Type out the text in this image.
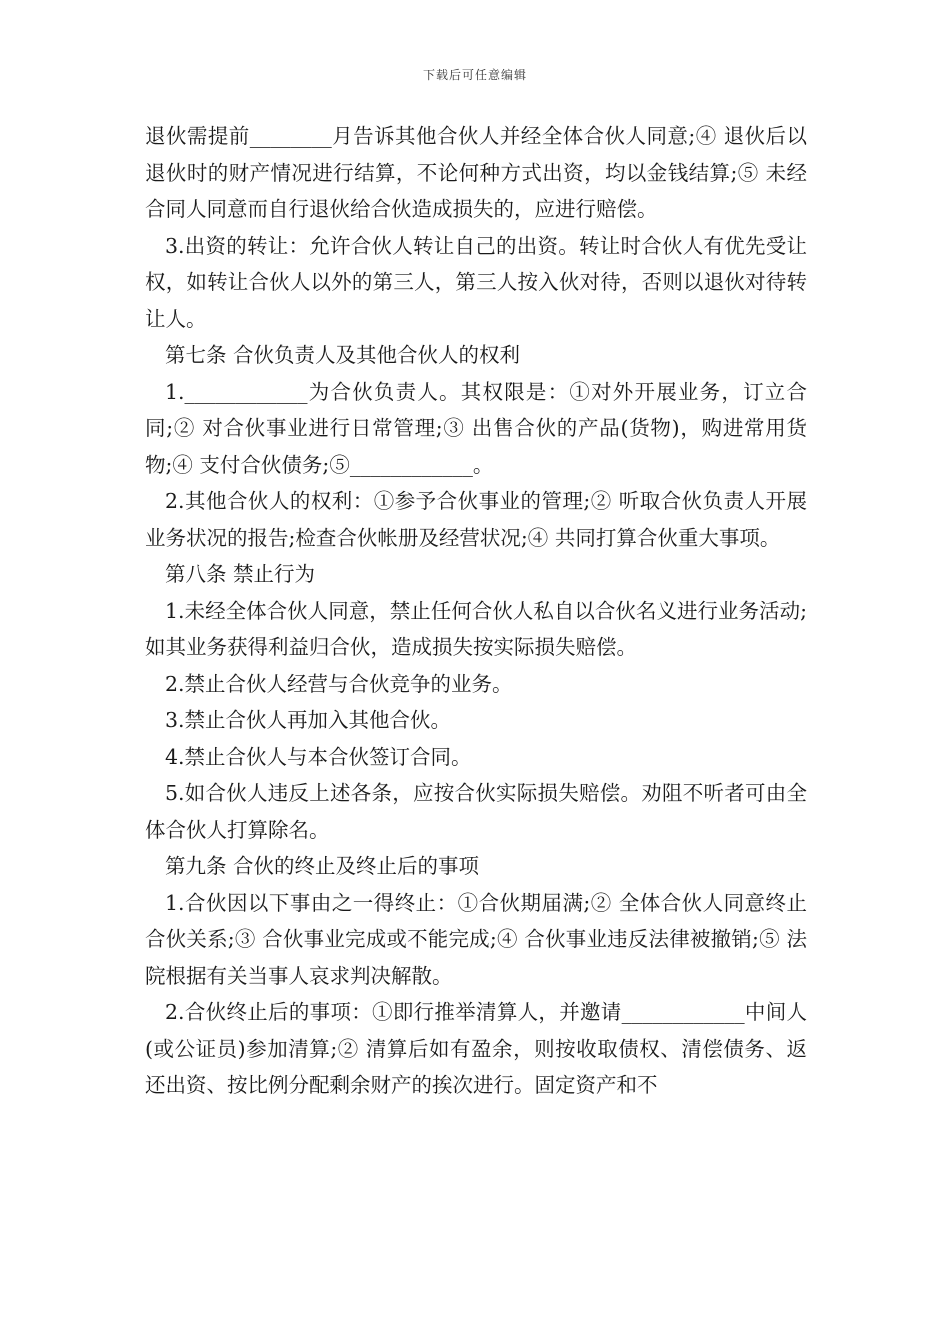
下载后可任意编辑

退伙需提前________月告诉其他合伙人并经全体合伙人同意;④ 退伙后以退伙时的财产情况进行结算，不论何种方式出资，均以金钱结算;⑤ 未经合同人同意而自行退伙给合伙造成损失的，应进行赔偿。

3.出资的转让：允许合伙人转让自己的出资。转让时合伙人有优先受让权，如转让合伙人以外的第三人，第三人按入伙对待，否则以退伙对待转让人。

第七条 合伙负责人及其他合伙人的权利

1.____________为合伙负责人。其权限是：①对外开展业务，订立合同;② 对合伙事业进行日常管理;③ 出售合伙的产品(货物)，购进常用货物;④ 支付合伙债务;⑤____________。

2.其他合伙人的权利：①参予合伙事业的管理;② 听取合伙负责人开展业务状况的报告;检查合伙帐册及经营状况;④ 共同打算合伙重大事项。

第八条 禁止行为

1.未经全体合伙人同意，禁止任何合伙人私自以合伙名义进行业务活动;如其业务获得利益归合伙，造成损失按实际损失赔偿。

2.禁止合伙人经营与合伙竞争的业务。

3.禁止合伙人再加入其他合伙。

4.禁止合伙人与本合伙签订合同。

5.如合伙人违反上述各条，应按合伙实际损失赔偿。劝阻不听者可由全体合伙人打算除名。

第九条 合伙的终止及终止后的事项

1.合伙因以下事由之一得终止：①合伙期届满;② 全体合伙人同意终止合伙关系;③ 合伙事业完成或不能完成;④ 合伙事业违反法律被撤销;⑤ 法院根据有关当事人哀求判决解散。

2.合伙终止后的事项：①即行推举清算人，并邀请____________中间人(或公证员)参加清算;② 清算后如有盈余，则按收取债权、清偿债务、返还出资、按比例分配剩余财产的挨次进行。固定资产和不
